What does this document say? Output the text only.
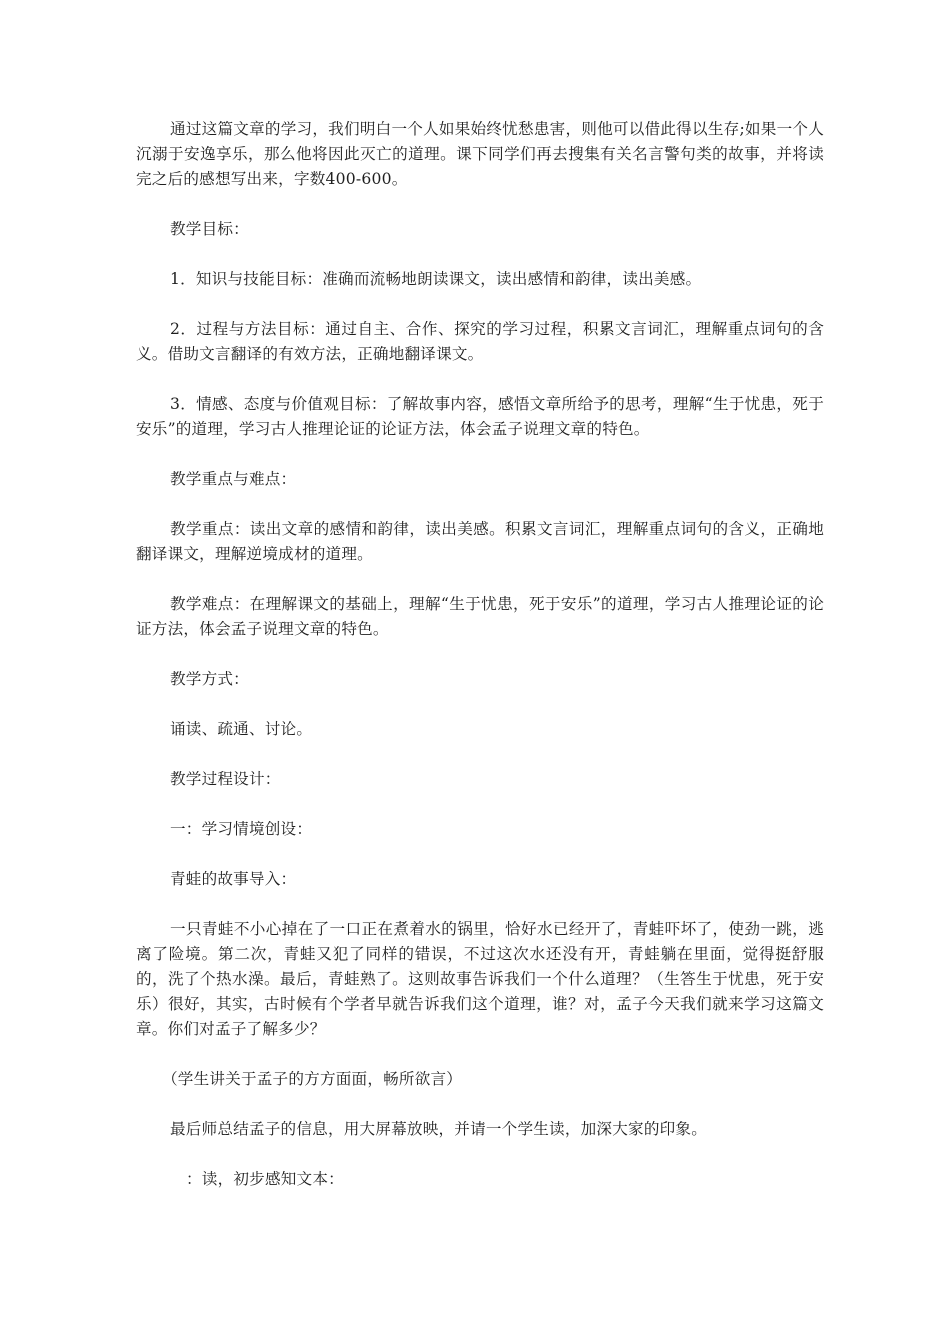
通过这篇文章的学习，我们明白一个人如果始终忧愁患害，则他可以借此得以生存;如果一个人沉溺于安逸享乐，那么他将因此灭亡的道理。课下同学们再去搜集有关名言警句类的故事，并将读完之后的感想写出来，字数400-600。

教学目标：

1．知识与技能目标：准确而流畅地朗读课文，读出感情和韵律，读出美感。

2．过程与方法目标：通过自主、合作、探究的学习过程，积累文言词汇，理解重点词句的含义。借助文言翻译的有效方法，正确地翻译课文。

3．情感、态度与价值观目标：了解故事内容，感悟文章所给予的思考，理解“生于忧患，死于安乐”的道理，学习古人推理论证的论证方法，体会孟子说理文章的特色。

教学重点与难点：

教学重点：读出文章的感情和韵律，读出美感。积累文言词汇，理解重点词句的含义，正确地翻译课文，理解逆境成材的道理。

教学难点：在理解课文的基础上，理解“生于忧患，死于安乐”的道理，学习古人推理论证的论证方法，体会孟子说理文章的特色。

教学方式：

诵读、疏通、讨论。

教学过程设计：

一：学习情境创设：

青蛙的故事导入：

一只青蛙不小心掉在了一口正在煮着水的锅里，恰好水已经开了，青蛙吓坏了，使劲一跳，逃离了险境。第二次，青蛙又犯了同样的错误，不过这次水还没有开，青蛙躺在里面，觉得挺舒服的，洗了个热水澡。最后，青蛙熟了。这则故事告诉我们一个什么道理？（生答生于忧患，死于安乐）很好，其实，古时候有个学者早就告诉我们这个道理，谁？对，孟子今天我们就来学习这篇文章。你们对孟子了解多少？

（学生讲关于孟子的方方面面，畅所欲言）

最后师总结孟子的信息，用大屏幕放映，并请一个学生读，加深大家的印象。

：读，初步感知文本：
